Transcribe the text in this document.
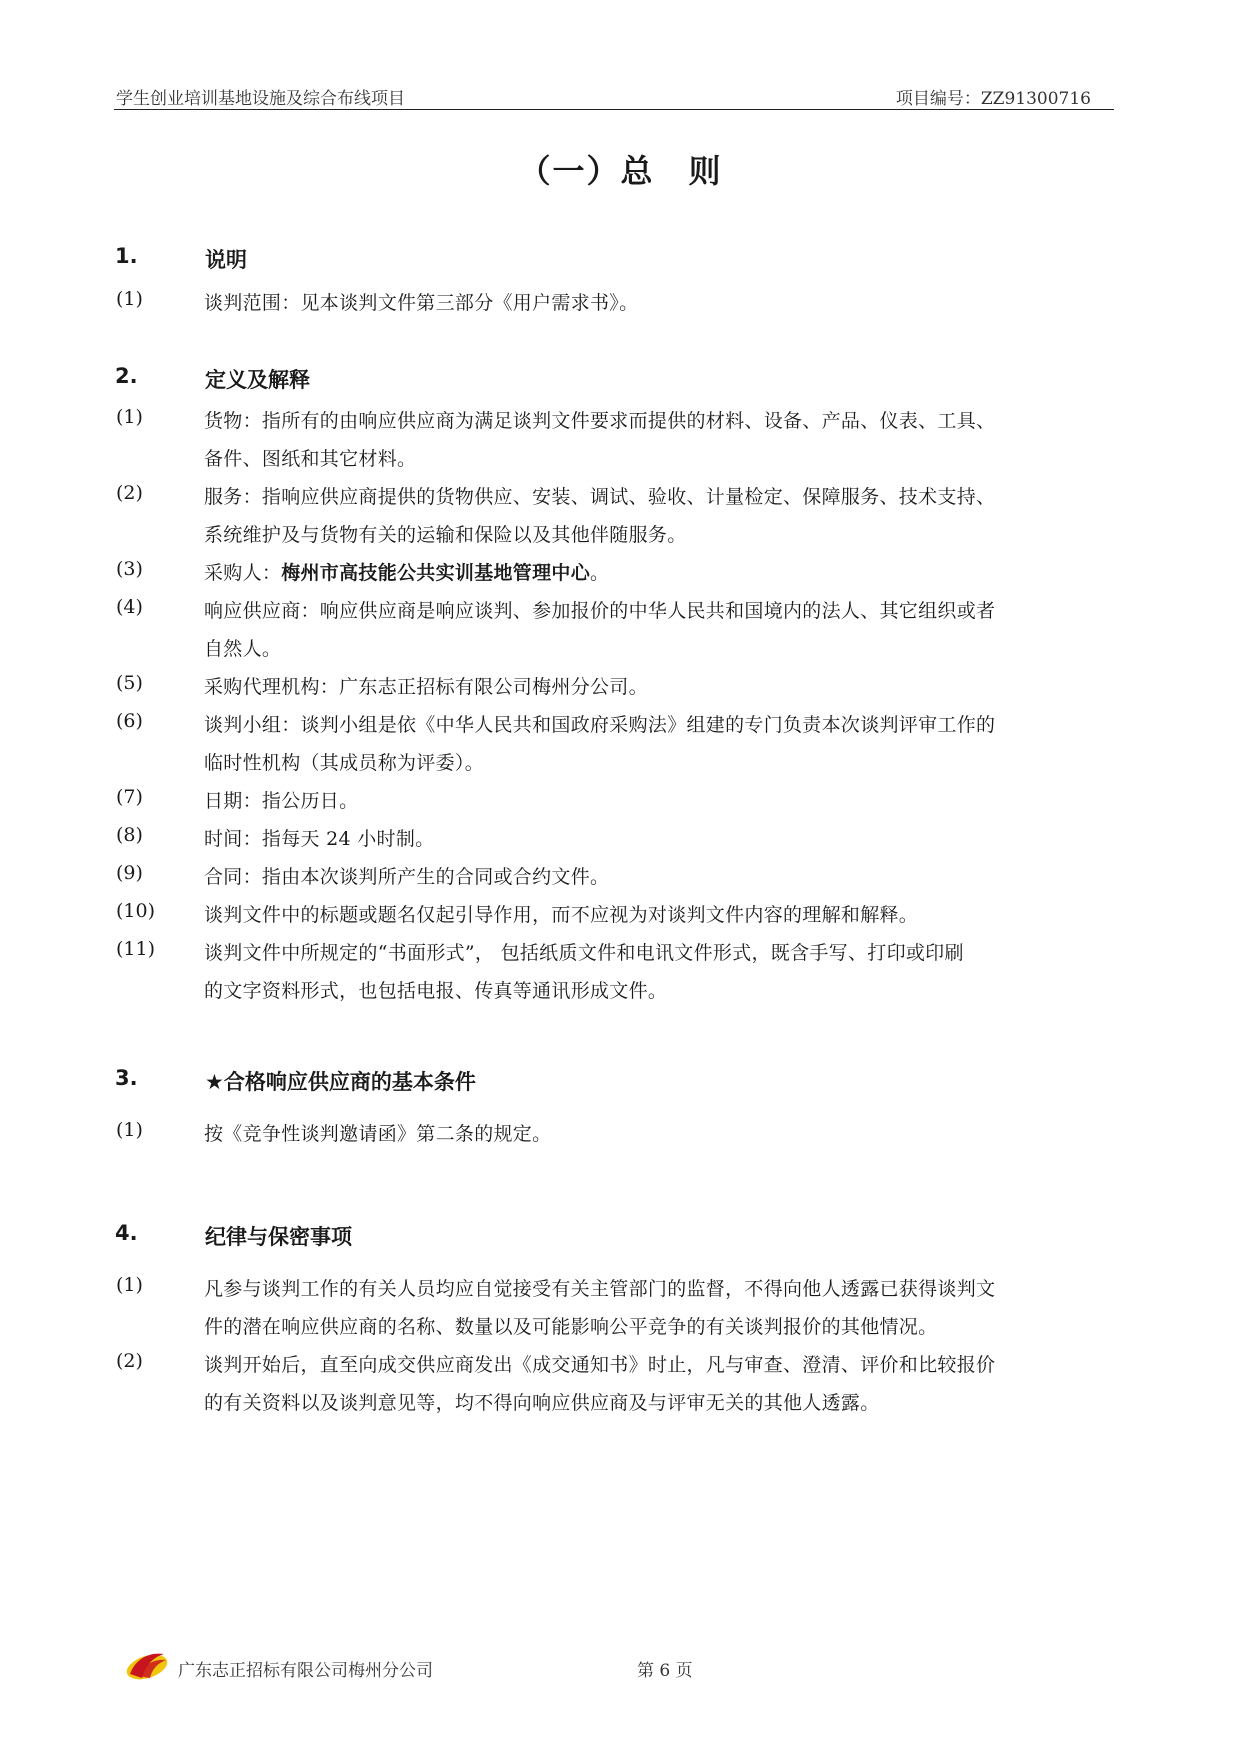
学生创业培训基地设施及综合布线项目	项目编号：ZZ91300716
（一）总　则
1.	说明
(1)	谈判范围：见本谈判文件第三部分《用户需求书》。
2.	定义及解释
(1)	货物：指所有的由响应供应商为满足谈判文件要求而提供的材料、设备、产品、仪表、工具、
备件、图纸和其它材料。
(2)	服务：指响应供应商提供的货物供应、安装、调试、验收、计量检定、保障服务、技术支持、
系统维护及与货物有关的运输和保险以及其他伴随服务。
(3)	采购人：梅州市高技能公共实训基地管理中心。
(4)	响应供应商：响应供应商是响应谈判、参加报价的中华人民共和国境内的法人、其它组织或者
自然人。
(5)	采购代理机构：广东志正招标有限公司梅州分公司。
(6)	谈判小组：谈判小组是依《中华人民共和国政府采购法》组建的专门负责本次谈判评审工作的
临时性机构（其成员称为评委）。
(7)	日期：指公历日。
(8)	时间：指每天 24 小时制。
(9)	合同：指由本次谈判所产生的合同或合约文件。
(10)	谈判文件中的标题或题名仅起引导作用，而不应视为对谈判文件内容的理解和解释。
(11)	谈判文件中所规定的“书面形式”， 包括纸质文件和电讯文件形式，既含手写、打印或印刷
的文字资料形式，也包括电报、传真等通讯形成文件。
3.	★合格响应供应商的基本条件
(1)	按《竞争性谈判邀请函》第二条的规定。
4.	纪律与保密事项
(1)	凡参与谈判工作的有关人员均应自觉接受有关主管部门的监督，不得向他人透露已获得谈判文
件的潜在响应供应商的名称、数量以及可能影响公平竞争的有关谈判报价的其他情况。
(2)	谈判开始后，直至向成交供应商发出《成交通知书》时止，凡与审查、澄清、评价和比较报价
的有关资料以及谈判意见等，均不得向响应供应商及与评审无关的其他人透露。
广东志正招标有限公司梅州分公司	第 6 页
